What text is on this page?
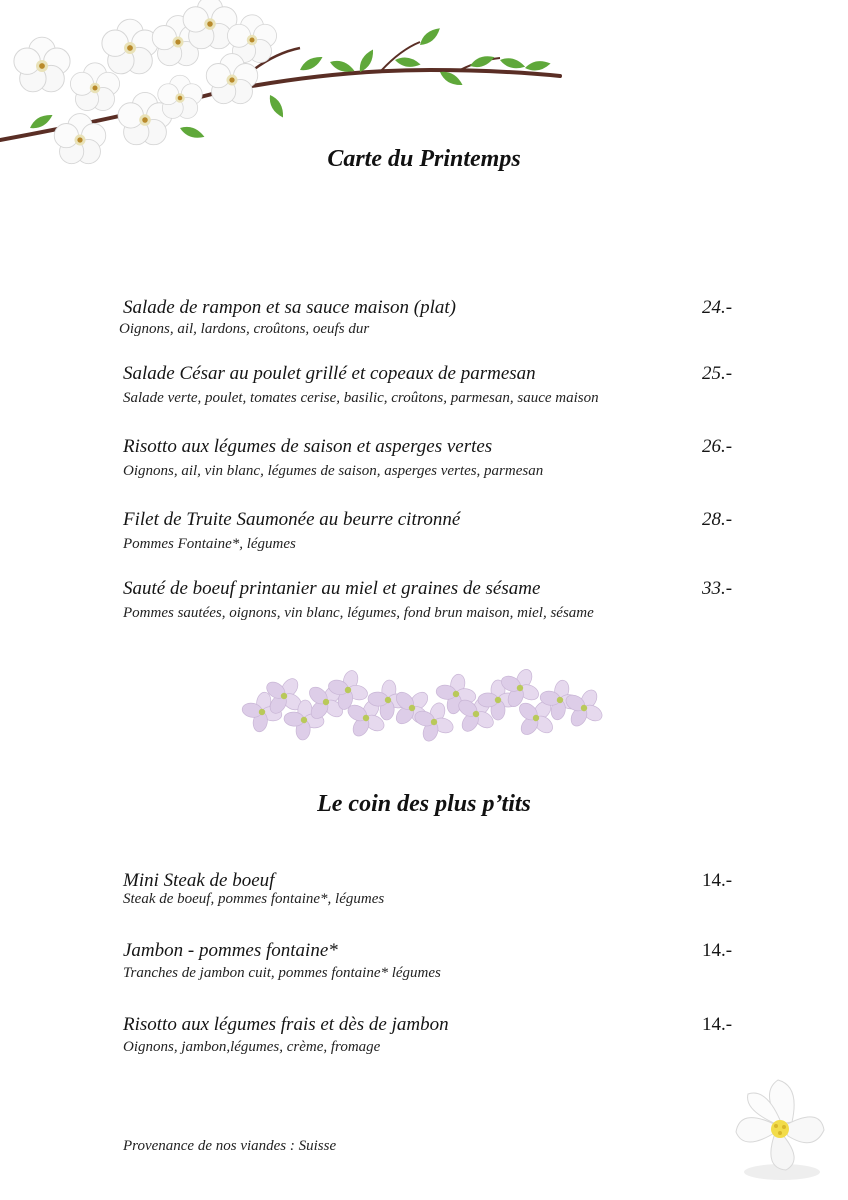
Carte du Printemps
Salade de rampon et sa sauce maison (plat)
Oignons, ail, lardons, croûtons, oeufs dur
24.-
Salade César au poulet grillé et copeaux de parmesan
Salade verte, poulet, tomates cerise, basilic, croûtons, parmesan, sauce maison
25.-
Risotto aux légumes de saison et asperges vertes
Oignons, ail, vin blanc, légumes de saison, asperges vertes, parmesan
26.-
Filet de Truite Saumonée au beurre citronné
Pommes Fontaine*, légumes
28.-
Sauté de boeuf printanier au miel et graines de sésame
Pommes sautées, oignons, vin blanc, légumes, fond brun maison, miel, sésame
33.-
Le coin des plus p’tits
Mini Steak de boeuf
Steak de boeuf, pommes fontaine*, légumes
14.-
Jambon - pommes fontaine*
Tranches de jambon cuit, pommes fontaine* légumes
14.-
Risotto aux légumes frais et dès de jambon
Oignons, jambon,légumes, crème, fromage
14.-
Provenance de nos viandes : Suisse
